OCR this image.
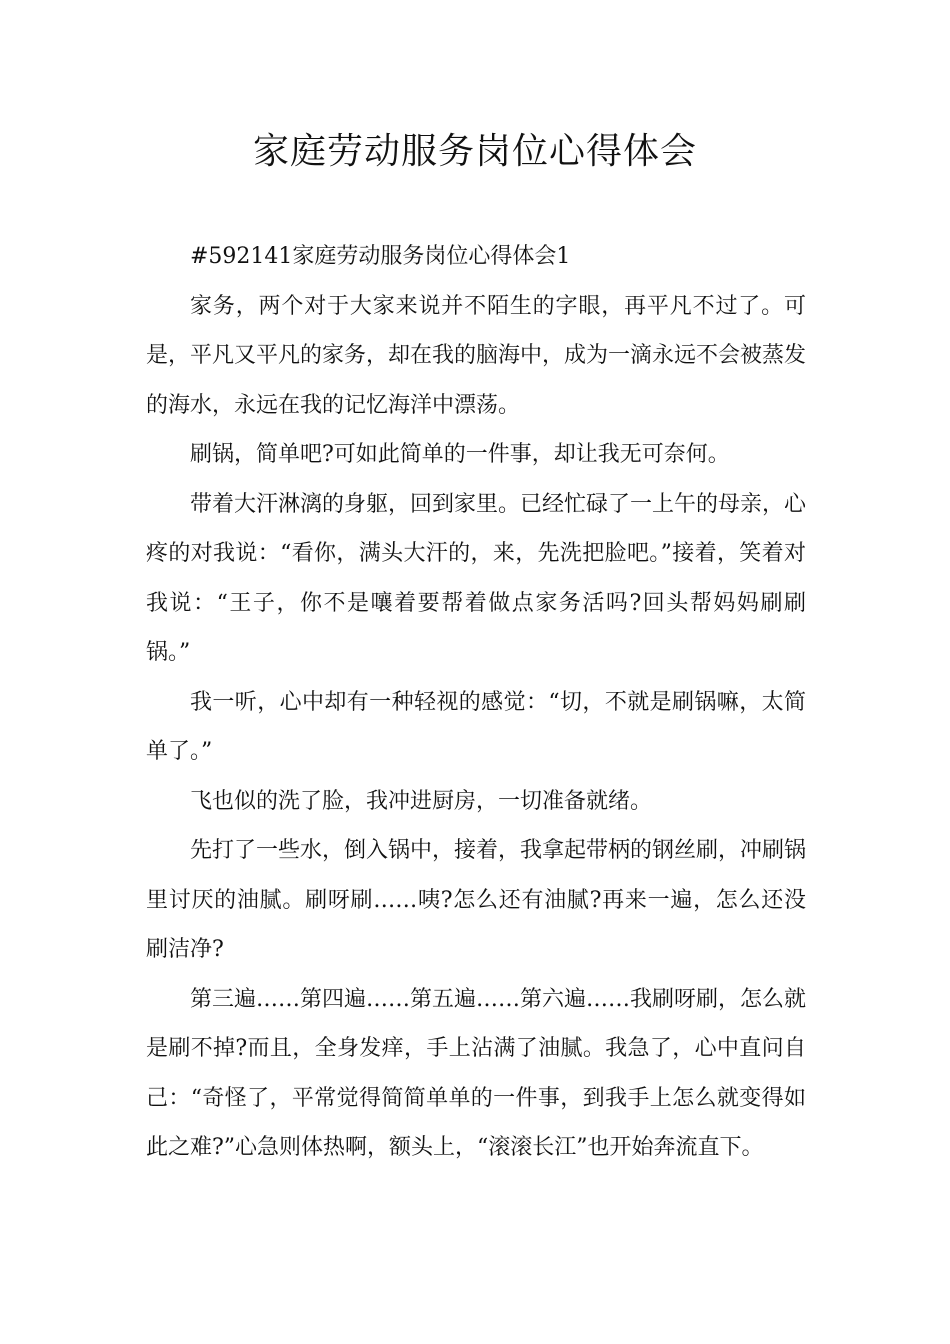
家庭劳动服务岗位心得体会

#592141家庭劳动服务岗位心得体会1

家务，两个对于大家来说并不陌生的字眼，再平凡不过了。可是，平凡又平凡的家务，却在我的脑海中，成为一滴永远不会被蒸发的海水，永远在我的记忆海洋中漂荡。

刷锅，简单吧?可如此简单的一件事，却让我无可奈何。

带着大汗淋漓的身躯，回到家里。已经忙碌了一上午的母亲，心疼的对我说：“看你，满头大汗的，来，先洗把脸吧。”接着，笑着对我说：“王子，你不是嚷着要帮着做点家务活吗?回头帮妈妈刷刷锅。”

我一听，心中却有一种轻视的感觉：“切，不就是刷锅嘛，太简单了。”

飞也似的洗了脸，我冲进厨房，一切准备就绪。

先打了一些水，倒入锅中，接着，我拿起带柄的钢丝刷，冲刷锅里讨厌的油腻。刷呀刷……咦?怎么还有油腻?再来一遍，怎么还没刷洁净?

第三遍……第四遍……第五遍……第六遍……我刷呀刷，怎么就是刷不掉?而且，全身发痒，手上沾满了油腻。我急了，心中直问自己：“奇怪了，平常觉得简简单单的一件事，到我手上怎么就变得如此之难?”心急则体热啊，额头上，“滚滚长江”也开始奔流直下。
